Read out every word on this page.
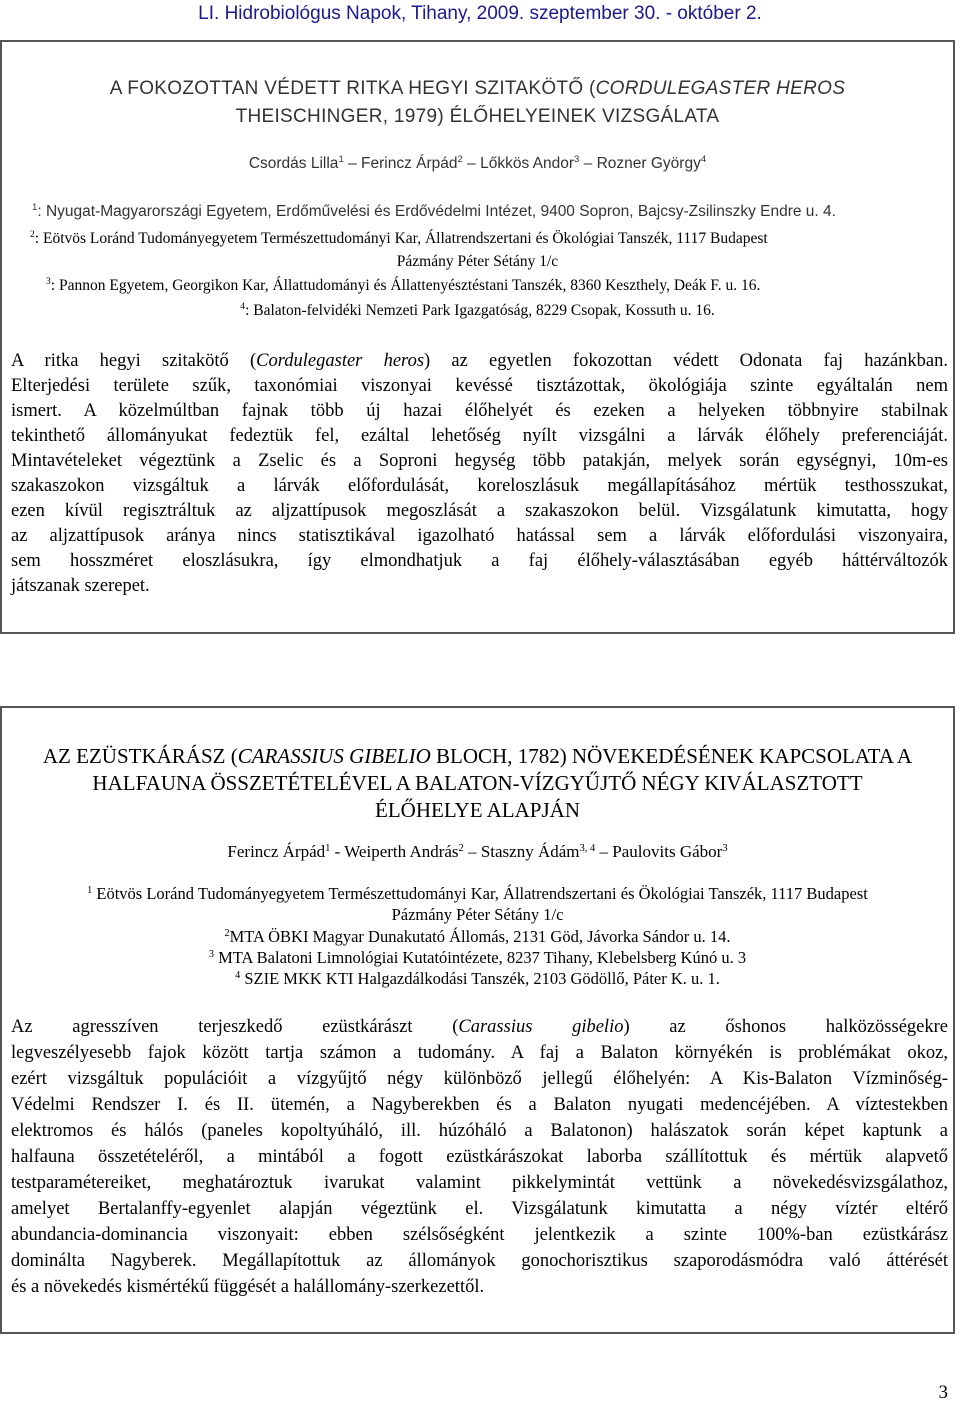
LI. Hidrobiológus Napok, Tihany, 2009. szeptember 30. - október 2.
A FOKOZOTTAN VÉDETT RITKA HEGYI SZITAKÖTŐ (CORDULEGASTER HEROS
THEISCHINGER, 1979) ÉLŐHELYEINEK VIZSGÁLATA
Csordás Lilla$^1$ – Ferincz Árpád$^2$ – Lőkkös Andor$^3$ – Rozner György$^4$
$^1$: Nyugat-Magyarországi Egyetem, Erdőművelési és Erdővédelmi Intézet, 9400 Sopron, Bajcsy-Zsilinszky Endre u. 4.
$^2$: Eötvös Loránd Tudományegyetem Természettudományi Kar, Állatrendszertani és Ökológiai Tanszék, 1117 Budapest
Pázmány Péter Sétány 1/c
$^3$: Pannon Egyetem, Georgikon Kar, Állattudományi és Állattenyésztéstani Tanszék, 8360 Keszthely, Deák F. u. 16.
$^4$: Balaton-felvidéki Nemzeti Park Igazgatóság, 8229 Csopak, Kossuth u. 16.
A ritka hegyi szitakötő (Cordulegaster heros) az egyetlen fokozottan védett Odonata faj hazánkban.
Elterjedési területe szűk, taxonómiai viszonyai kevéssé tisztázottak, ökológiája szinte egyáltalán nem
ismert. A közelmúltban fajnak több új hazai élőhelyét és ezeken a helyeken többnyire stabilnak
tekinthető állományukat fedeztük fel, ezáltal lehetőség nyílt vizsgálni a lárvák élőhely preferenciáját.
Mintavételeket végeztünk a Zselic és a Soproni hegység több patakján, melyek során egységnyi, 10m-es
szakaszokon vizsgáltuk a lárvák előfordulását, koreloszlásuk megállapításához mértük testhosszukat,
ezen kívül regisztráltuk az aljzattípusok megoszlását a szakaszokon belül. Vizsgálatunk kimutatta, hogy
az aljzattípusok aránya nincs statisztikával igazolható hatással sem a lárvák előfordulási viszonyaira,
sem hosszméret eloszlásukra, így elmondhatjuk a faj élőhely-választásában egyéb háttérváltozók
játszanak szerepet.
AZ EZÜSTKÁRÁSZ (CARASSIUS GIBELIO BLOCH, 1782) NÖVEKEDÉSÉNEK KAPCSOLATA A
HALFAUNA ÖSSZETÉTELÉVEL A BALATON-VÍZGYŰJTŐ NÉGY KIVÁLASZTOTT
ÉLŐHELYE ALAPJÁN
Ferincz Árpád$^1$ - Weiperth András$^2$ – Staszny Ádám$^{3, 4}$ – Paulovits Gábor$^3$
$^1$ Eötvös Loránd Tudományegyetem Természettudományi Kar, Állatrendszertani és Ökológiai Tanszék, 1117 Budapest
Pázmány Péter Sétány 1/c
$^2$MTA ÖBKI Magyar Dunakutató Állomás, 2131 Göd, Jávorka Sándor u. 14.
$^3$ MTA Balatoni Limnológiai Kutatóintézete, 8237 Tihany, Klebelsberg Kúnó u. 3
$^4$ SZIE MKK KTI Halgazdálkodási Tanszék, 2103 Gödöllő, Páter K. u. 1.
Az agresszíven terjeszkedő ezüstkárászt (Carassius gibelio) az őshonos halközösségekre
legveszélyesebb fajok között tartja számon a tudomány. A faj a Balaton környékén is problémákat okoz,
ezért vizsgáltuk populációit a vízgyűjtő négy különböző jellegű élőhelyén: A Kis-Balaton Vízminőség-
Védelmi Rendszer I. és II. ütemén, a Nagyberekben és a Balaton nyugati medencéjében. A víztestekben
elektromos és hálós (paneles kopoltyúháló, ill. húzóháló a Balatonon) halászatok során képet kaptunk a
halfauna összetételéről, a mintából a fogott ezüstkárászokat laborba szállítottuk és mértük alapvető
testparamétereiket, meghatároztuk ivarukat valamint pikkelymintát vettünk a növekedésvizsgálathoz,
amelyet Bertalanffy-egyenlet alapján végeztünk el. Vizsgálatunk kimutatta a négy víztér eltérő
abundancia-dominancia viszonyait: ebben szélsőségként jelentkezik a szinte 100%-ban ezüstkárász
dominálta Nagyberek. Megállapítottuk az állományok gonochorisztikus szaporodásmódra való áttérését
és a növekedés kismértékű függését a halállomány-szerkezettől.
3
